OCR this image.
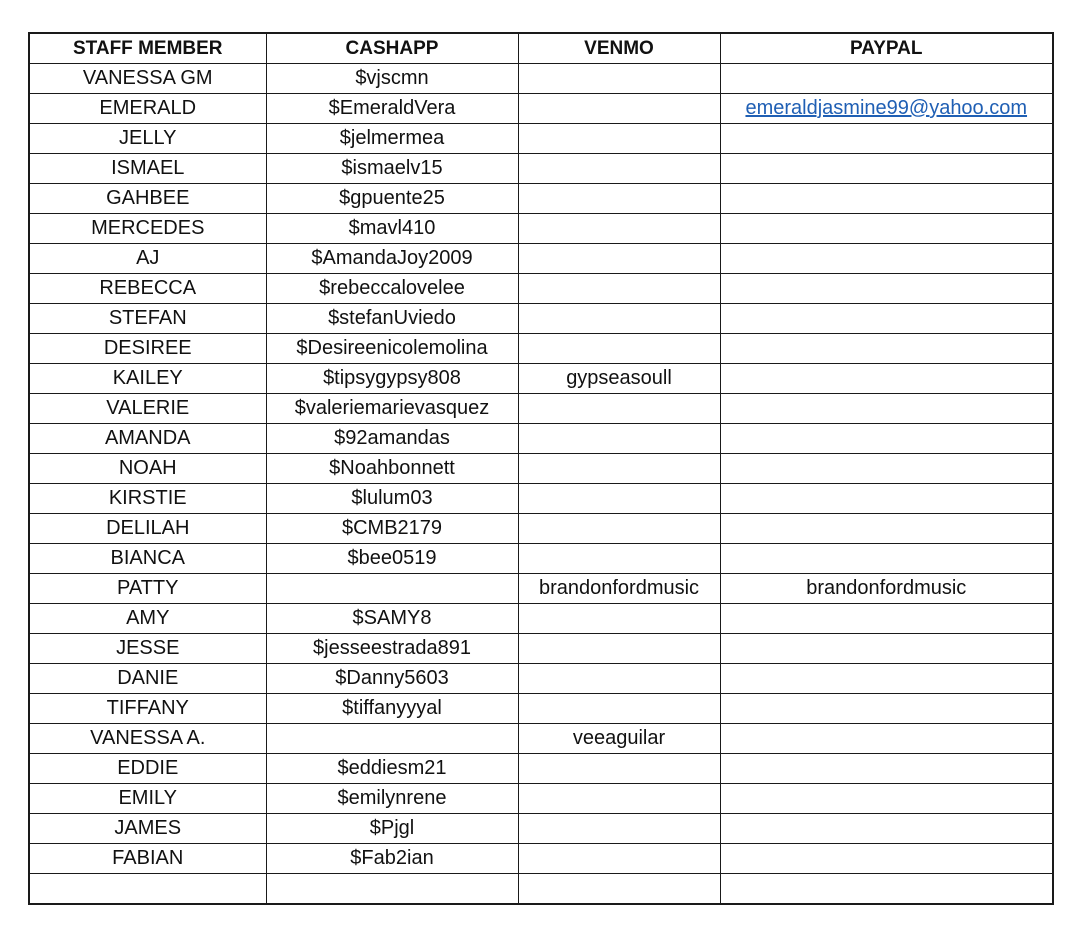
STAFF MEMBER	CASHAPP	VENMO	PAYPAL
VANESSA GM	$vjscmn		
EMERALD	$EmeraldVera		emeraldjasmine99@yahoo.com
JELLY	$jelmermea		
ISMAEL	$ismaelv15		
GAHBEE	$gpuente25		
MERCEDES	$mavl410		
AJ	$AmandaJoy2009		
REBECCA	$rebeccalovelee		
STEFAN	$stefanUviedo		
DESIREE	$Desireenicolemolina		
KAILEY	$tipsygypsy808	gypseasoull	
VALERIE	$valeriemarievasquez		
AMANDA	$92amandas		
NOAH	$Noahbonnett		
KIRSTIE	$lulum03		
DELILAH	$CMB2179		
BIANCA	$bee0519		
PATTY		brandonfordmusic	brandonfordmusic
AMY	$SAMY8		
JESSE	$jesseestrada891		
DANIE	$Danny5603		
TIFFANY	$tiffanyyyal		
VANESSA A.		veeaguilar	
EDDIE	$eddiesm21		
EMILY	$emilynrene		
JAMES	$Pjgl		
FABIAN	$Fab2ian		
